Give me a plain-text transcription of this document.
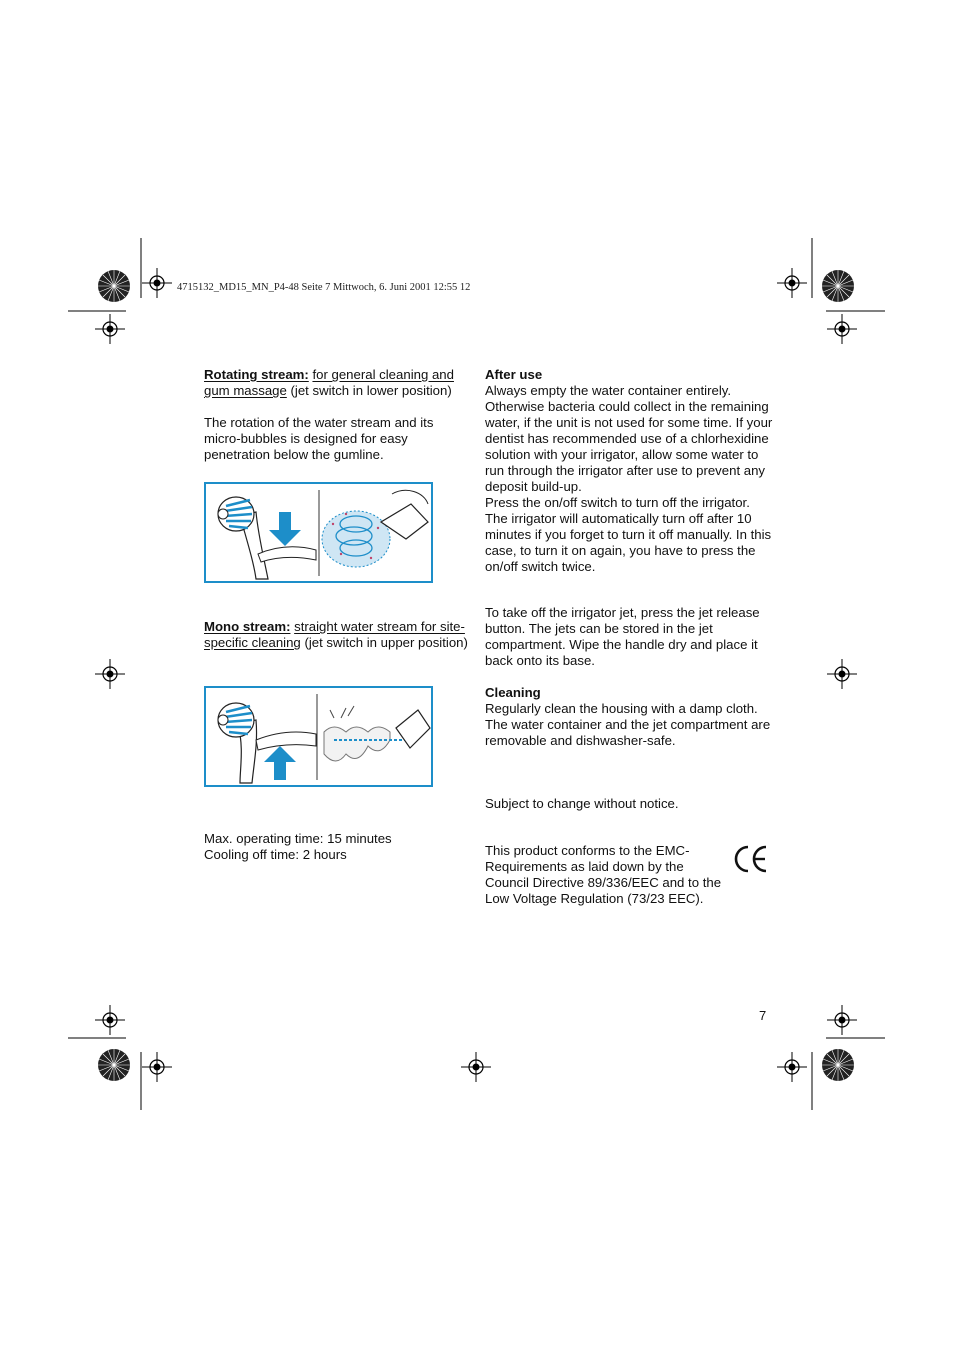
4715132_MD15_MN_P4-48 Seite 7 Mittwoch, 6. Juni 2001 12:55 12
Rotating stream: for general cleaning and gum massage (jet switch in lower position)
The rotation of the water stream and its micro-bubbles is designed for easy penetration below the gumline.
Mono stream: straight water stream for site-specific cleaning (jet switch in upper position)
Max. operating time: 15 minutes
Cooling off time: 2 hours
After use
Always empty the water container entirely. Otherwise bacteria could collect in the remaining water, if the unit is not used for some time. If your dentist has recommended use of a chlorhexidine solution with your irrigator, allow some water to run through the irrigator after use to prevent any deposit build-up.
Press the on/off switch to turn off the irrigator. The irrigator will automatically turn off after 10 minutes if you forget to turn it off manually. In this case, to turn it on again, you have to press the on/off switch twice.
To take off the irrigator jet, press the jet release button. The jets can be stored in the jet compartment. Wipe the handle dry and place it back onto its base.
Cleaning
Regularly clean the housing with a damp cloth.
The water container and the jet compartment are removable and dishwasher-safe.
Subject to change without notice.
This product conforms to the EMC-Requirements as laid down by the Council Directive 89/336/EEC and to the Low Voltage Regulation (73/23 EEC).
7
